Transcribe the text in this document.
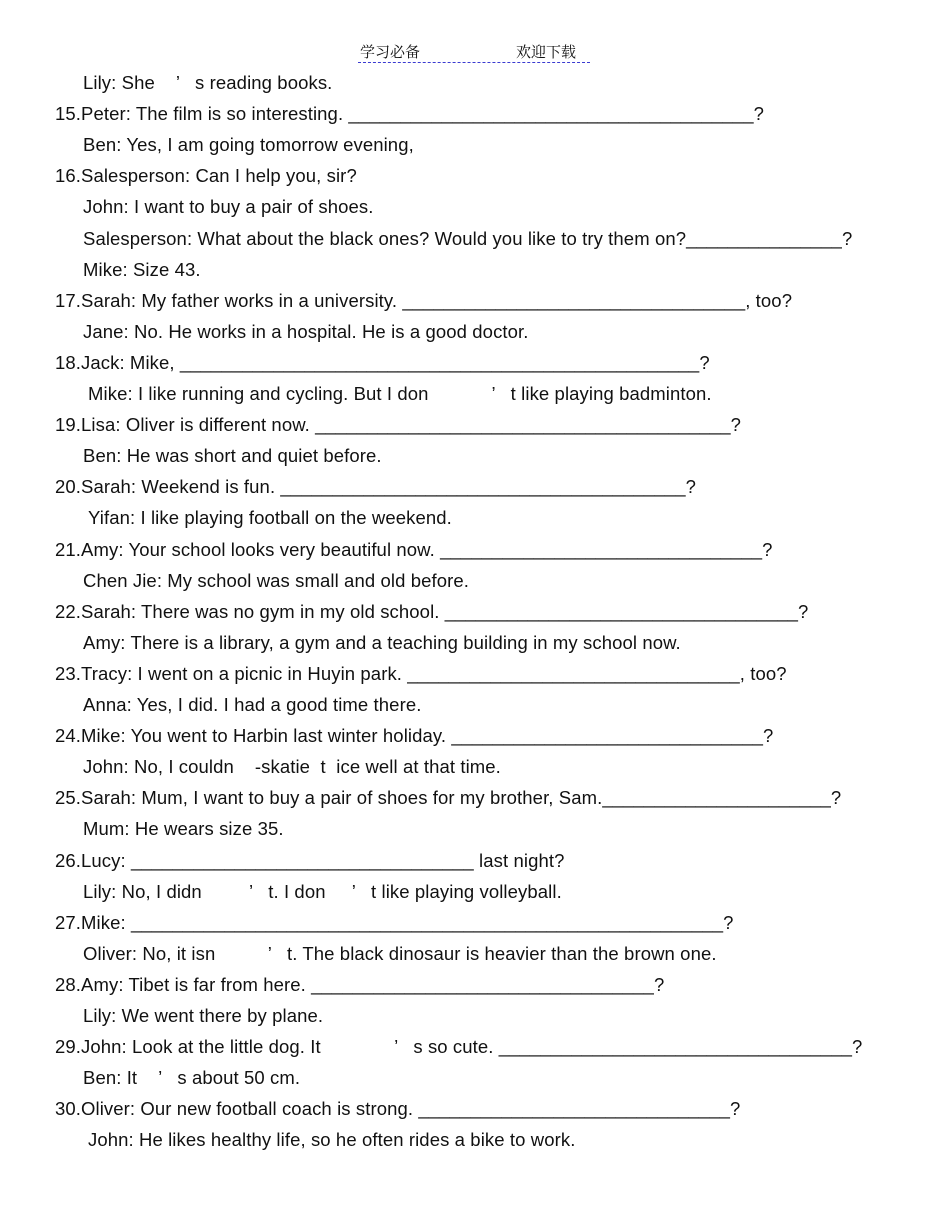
学习必备	欢迎下载
Lily: She    ’   s reading books.
15.Peter: The film is so interesting. _______________________________________?
Ben: Yes, I am going tomorrow evening,
16.Salesperson: Can I help you, sir?
John: I want to buy a pair of shoes.
Salesperson: What about the black ones? Would you like to try them on?_______________?
Mike: Size 43.
17.Sarah: My father works in a university. _________________________________, too?
Jane: No. He works in a hospital. He is a good doctor.
18.Jack: Mike, __________________________________________________?
Mike: I like running and cycling. But I don            ’   t like playing badminton.
19.Lisa: Oliver is different now. ________________________________________?
Ben: He was short and quiet before.
20.Sarah: Weekend is fun. _______________________________________?
Yifan: I like playing football on the weekend.
21.Amy: Your school looks very beautiful now. _______________________________?
Chen Jie: My school was small and old before.
22.Sarah: There was no gym in my old school. __________________________________?
Amy: There is a library, a gym and a teaching building in my school now.
23.Tracy: I went on a picnic in Huyin park. ________________________________, too?
Anna: Yes, I did. I had a good time there.
24.Mike: You went to Harbin last winter holiday. ______________________________?
John: No, I couldn    -skatie  t  ice well at that time.
25.Sarah: Mum, I want to buy a pair of shoes for my brother, Sam.______________________?
Mum: He wears size 35.
26.Lucy: _________________________________ last night?
Lily: No, I didn         ’   t. I don     ’   t like playing volleyball.
27.Mike: _________________________________________________________?
Oliver: No, it isn          ’   t. The black dinosaur is heavier than the brown one.
28.Amy: Tibet is far from here. _________________________________?
Lily: We went there by plane.
29.John: Look at the little dog. It              ’   s so cute. __________________________________?
Ben: It    ’   s about 50 cm.
30.Oliver: Our new football coach is strong. ______________________________?
John: He likes healthy life, so he often rides a bike to work.
